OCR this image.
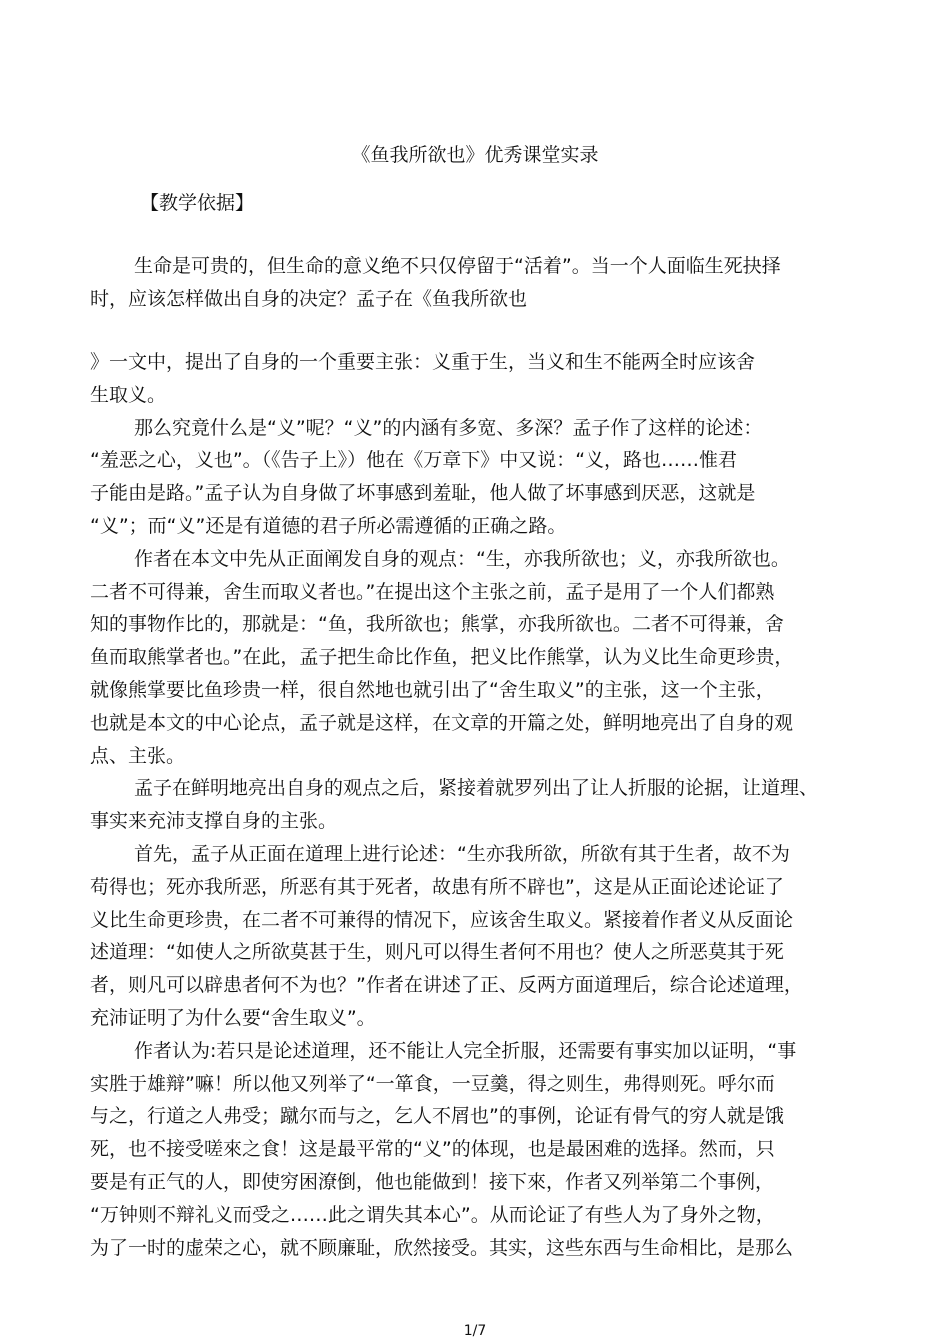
《鱼我所欲也》优秀课堂实录
【教学依据】
生命是可贵的，但生命的意义绝不只仅停留于“活着”。当一个人面临生死抉择
时，应该怎样做出自身的决定？孟子在《鱼我所欲也

》一文中，提出了自身的一个重要主张：义重于生，当义和生不能两全时应该舍
生取义。

那么究竟什么是“义”呢？“义”的内涵有多宽、多深？孟子作了这样的论述：
“羞恶之心，义也”。（《告子上》）他在《万章下》中又说：“义，路也……惟君
子能由是路。”孟子认为自身做了坏事感到羞耻，他人做了坏事感到厌恶，这就是
“义”；而“义”还是有道德的君子所必需遵循的正确之路。

作者在本文中先从正面阐发自身的观点：“生，亦我所欲也；义，亦我所欲也。
二者不可得兼，舍生而取义者也。”在提出这个主张之前，孟子是用了一个人们都熟
知的事物作比的，那就是：“鱼，我所欲也；熊掌，亦我所欲也。二者不可得兼，舍
鱼而取熊掌者也。”在此，孟子把生命比作鱼，把义比作熊掌，认为义比生命更珍贵，
就像熊掌要比鱼珍贵一样，很自然地也就引出了“舍生取义”的主张，这一个主张，
也就是本文的中心论点，孟子就是这样，在文章的开篇之处，鲜明地亮出了自身的观
点、主张。

孟子在鲜明地亮出自身的观点之后，紧接着就罗列出了让人折服的论据，让道理、
事实来充沛支撑自身的主张。

首先，孟子从正面在道理上进行论述：“生亦我所欲，所欲有其于生者，故不为
苟得也；死亦我所恶，所恶有其于死者，故患有所不辟也”，这是从正面论述论证了
义比生命更珍贵，在二者不可兼得的情况下，应该舍生取义。紧接着作者义从反面论
述道理：“如使人之所欲莫甚于生，则凡可以得生者何不用也？使人之所恶莫其于死
者，则凡可以辟患者何不为也？”作者在讲述了正、反两方面道理后，综合论述道理，
充沛证明了为什么要“舍生取义”。

作者认为:若只是论述道理，还不能让人完全折服，还需要有事实加以证明，“事
实胜于雄辩”嘛！所以他又列举了“一箪食，一豆羹，得之则生，弗得则死。呼尔而
与之，行道之人弗受；蹴尔而与之，乞人不屑也”的事例，论证有骨气的穷人就是饿
死，也不接受嗟來之食！这是最平常的“义”的体现，也是最困难的选择。然而，只
要是有正气的人，即使穷困潦倒，他也能做到！接下來，作者又列举第二个事例，
“万钟则不辩礼义而受之……此之谓失其本心”。从而论证了有些人为了身外之物，
为了一时的虚荣之心，就不顾廉耻，欣然接受。其实，这些东西与生命相比，是那么

1/7
